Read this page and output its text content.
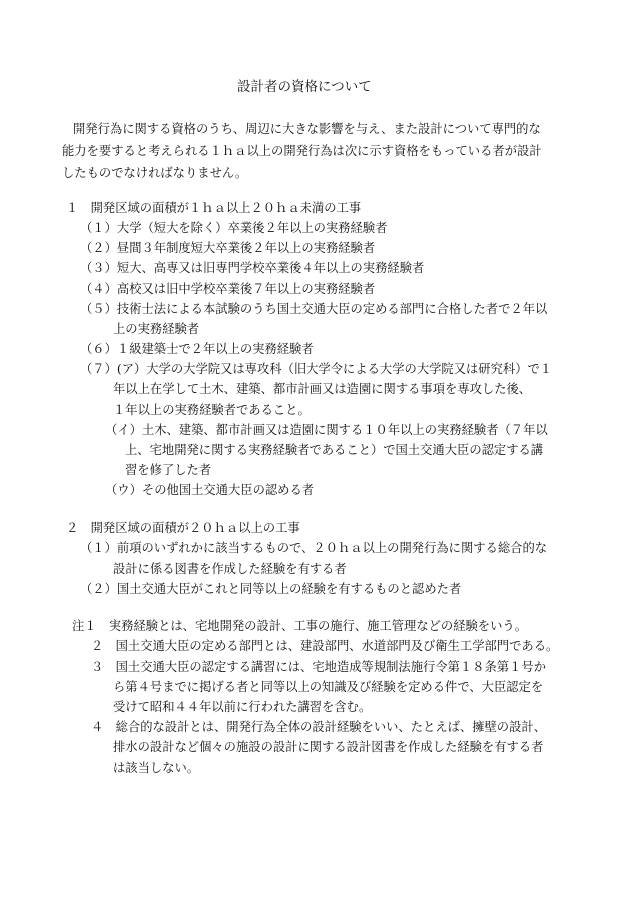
設計者の資格について
開発行為に関する資格のうち、周辺に大きな影響を与え、また設計について専門的な
能力を要すると考えられる１ｈａ以上の開発行為は次に示す資格をもっている者が設計
したものでなければなりません。
１　開発区域の面積が１ｈａ以上２０ｈａ未満の工事
（１）大学（短大を除く）卒業後２年以上の実務経験者
（２）昼間３年制度短大卒業後２年以上の実務経験者
（３）短大、高専又は旧専門学校卒業後４年以上の実務経験者
（４）高校又は旧中学校卒業後７年以上の実務経験者
（５）技術士法による本試験のうち国土交通大臣の定める部門に合格した者で２年以
上の実務経験者
（６）１級建築士で２年以上の実務経験者
（７）(ア）大学の大学院又は専攻科（旧大学令による大学の大学院又は研究科）で１
年以上在学して土木、建築、都市計画又は造園に関する事項を専攻した後、
１年以上の実務経験者であること。
（イ）土木、建築、都市計画又は造園に関する１０年以上の実務経験者（７年以
上、宅地開発に関する実務経験者であること）で国土交通大臣の認定する講
習を修了した者
（ウ）その他国土交通大臣の認める者
２　開発区域の面積が２０ｈａ以上の工事
（１）前項のいずれかに該当するもので、２０ｈａ以上の開発行為に関する総合的な
設計に係る図書を作成した経験を有する者
（２）国土交通大臣がこれと同等以上の経験を有するものと認めた者
注１　実務経験とは、宅地開発の設計、工事の施行、施工管理などの経験をいう。
２　国土交通大臣の定める部門とは、建設部門、水道部門及び衛生工学部門である。
３　国土交通大臣の認定する講習には、宅地造成等規制法施行令第１８条第１号か
ら第４号までに掲げる者と同等以上の知識及び経験を定める件で、大臣認定を
受けて昭和４４年以前に行われた講習を含む。
４　総合的な設計とは、開発行為全体の設計経験をいい、たとえば、擁壁の設計、
排水の設計など個々の施設の設計に関する設計図書を作成した経験を有する者
は該当しない。
